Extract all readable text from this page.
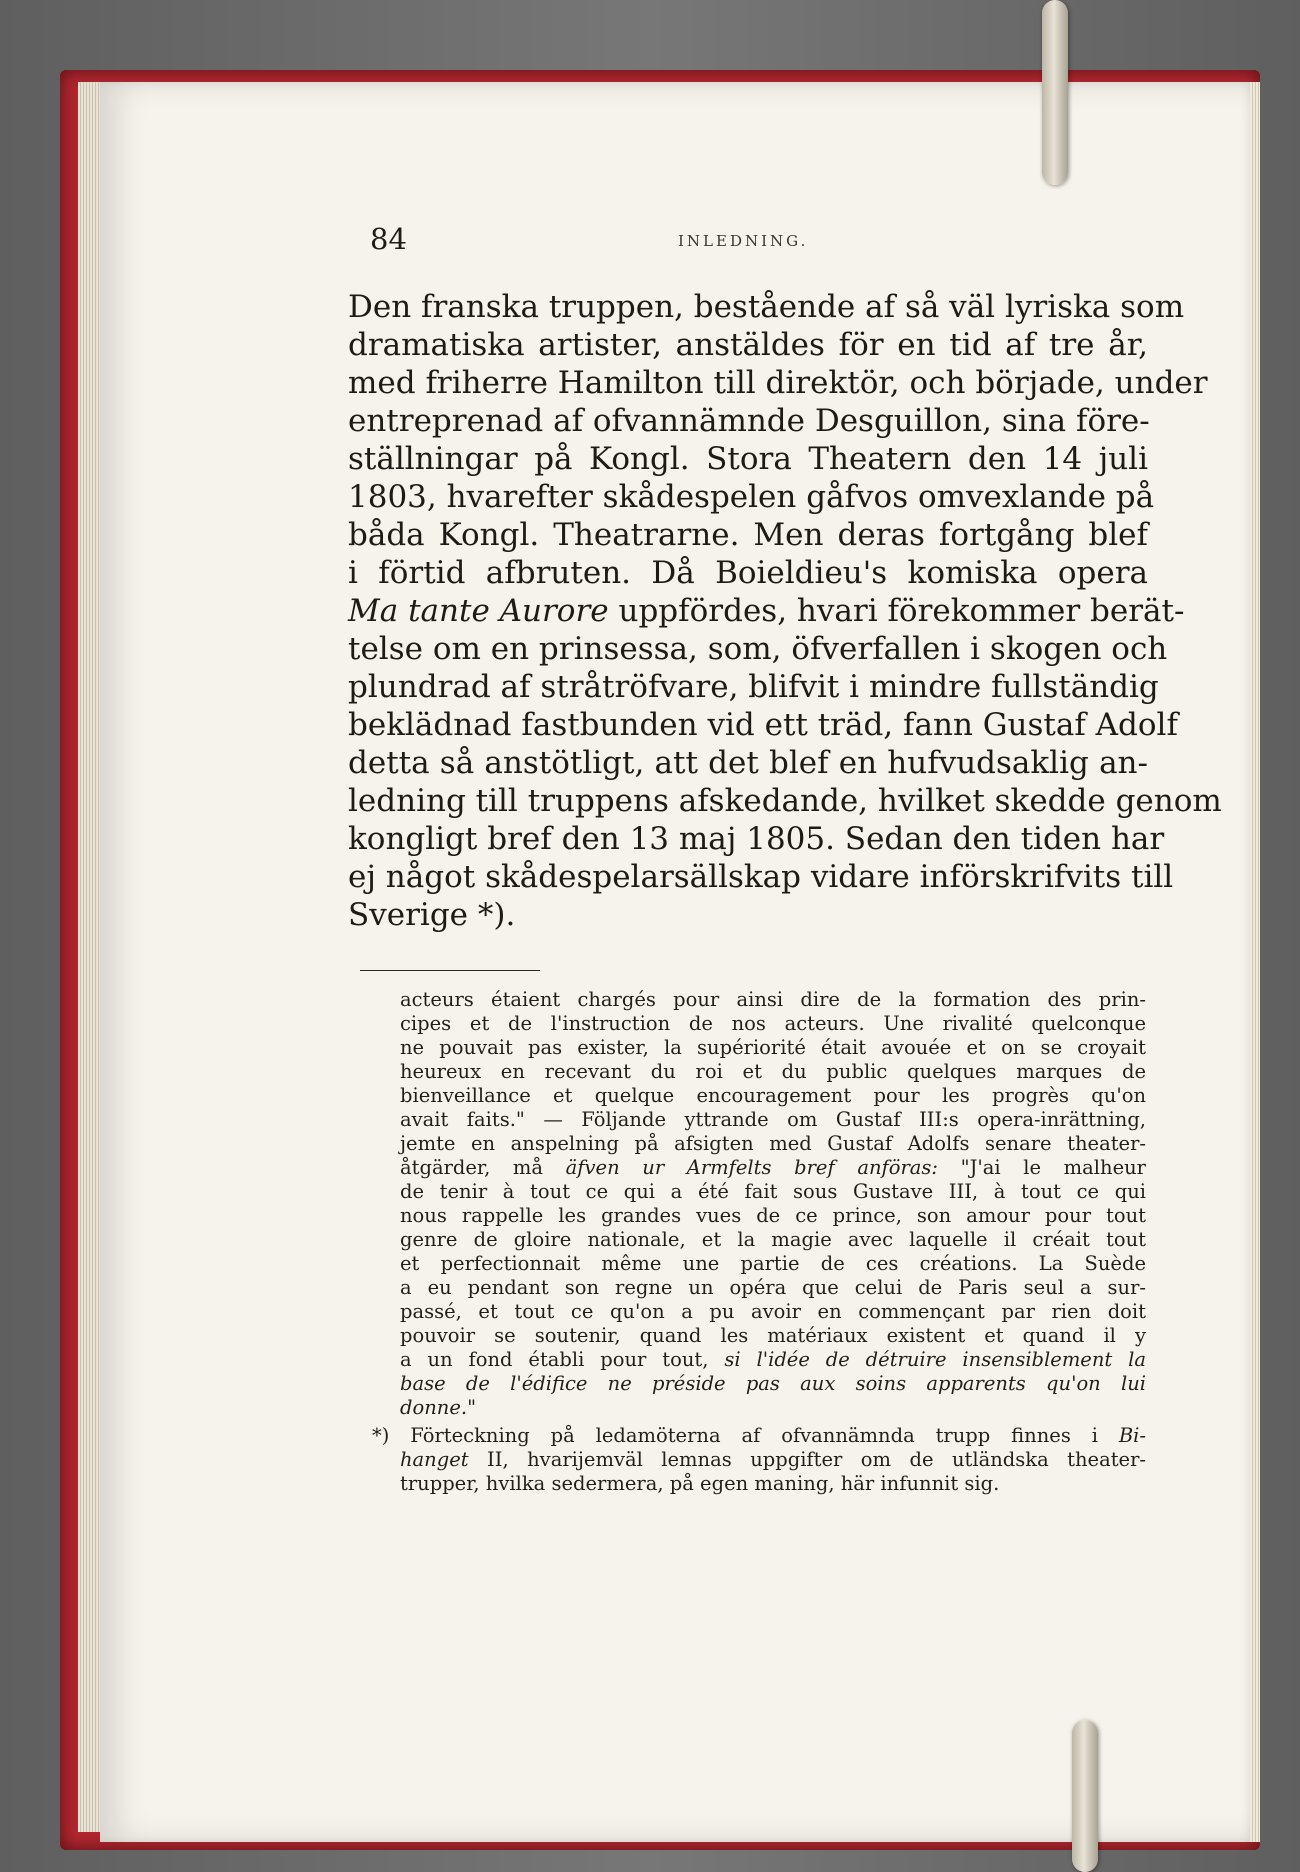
84	INLEDNING.
Den franska truppen, bestående af så väl lyriska som
dramatiska artister, anstäldes för en tid af tre år,
med friherre Hamilton till direktör, och började, under
entreprenad af ofvannämnde Desguillon, sina före-
ställningar på Kongl. Stora Theatern den 14 juli
1803, hvarefter skådespelen gåfvos omvexlande på
båda Kongl. Theatrarne. Men deras fortgång blef
i förtid afbruten. Då Boieldieu's komiska opera
Ma tante Aurore uppfördes, hvari förekommer berät-
telse om en prinsessa, som, öfverfallen i skogen och
plundrad af stråtröfvare, blifvit i mindre fullständig
beklädnad fastbunden vid ett träd, fann Gustaf Adolf
detta så anstötligt, att det blef en hufvudsaklig an-
ledning till truppens afskedande, hvilket skedde genom
kongligt bref den 13 maj 1805. Sedan den tiden har
ej något skådespelarsällskap vidare införskrifvits till
Sverige *).
acteurs étaient chargés pour ainsi dire de la formation des prin-
cipes et de l'instruction de nos acteurs. Une rivalité quelconque
ne pouvait pas exister, la supériorité était avouée et on se croyait
heureux en recevant du roi et du public quelques marques de
bienveillance et quelque encouragement pour les progrès qu'on
avait faits." — Följande yttrande om Gustaf III:s opera-inrättning,
jemte en anspelning på afsigten med Gustaf Adolfs senare theater-
åtgärder, må äfven ur Armfelts bref anföras: "J'ai le malheur
de tenir à tout ce qui a été fait sous Gustave III, à tout ce qui
nous rappelle les grandes vues de ce prince, son amour pour tout
genre de gloire nationale, et la magie avec laquelle il créait tout
et perfectionnait même une partie de ces créations. La Suède
a eu pendant son regne un opéra que celui de Paris seul a sur-
passé, et tout ce qu'on a pu avoir en commençant par rien doit
pouvoir se soutenir, quand les matériaux existent et quand il y
a un fond établi pour tout, si l'idée de détruire insensiblement la
base de l'édifice ne préside pas aux soins apparents qu'on lui
donne."
*) Förteckning på ledamöterna af ofvannämnda trupp finnes i Bi-
hanget II, hvarijemväl lemnas uppgifter om de utländska theater-
trupper, hvilka sedermera, på egen maning, här infunnit sig.
